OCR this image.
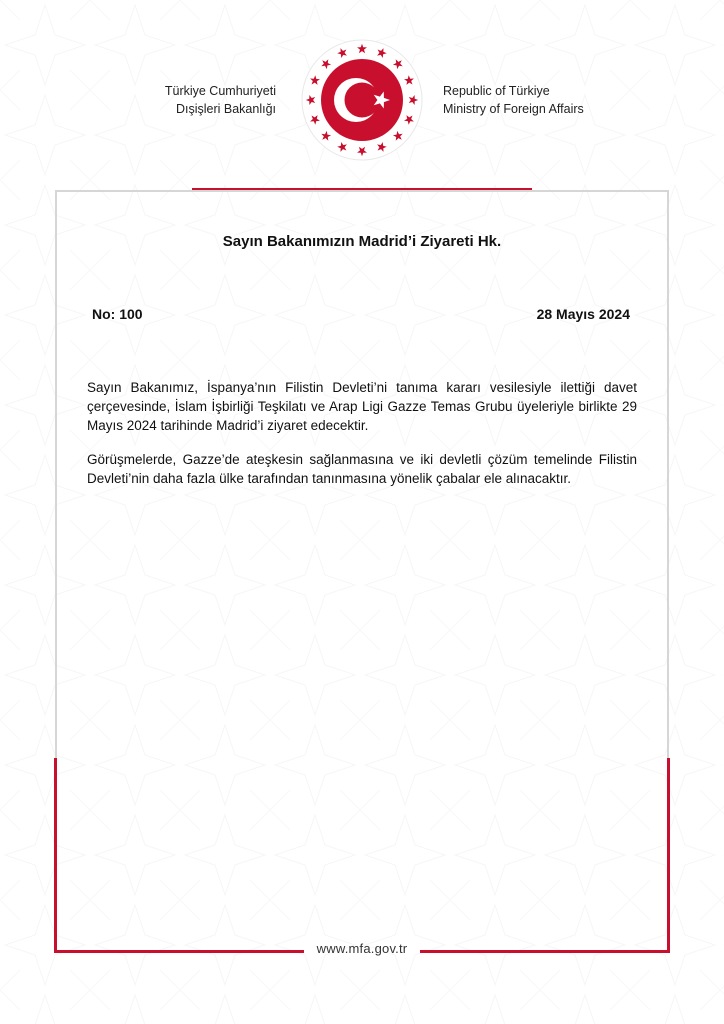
Türkiye Cumhuriyeti
Dışişleri Bakanlığı
Republic of Türkiye
Ministry of Foreign Affairs
Sayın Bakanımızın Madrid’i Ziyareti Hk.
No: 100	28 Mayıs 2024

Sayın Bakanımız, İspanya’nın Filistin Devleti’ni tanıma kararı vesilesiyle ilettiği davet çerçevesinde, İslam İşbirliği Teşkilatı ve Arap Ligi Gazze Temas Grubu üyeleriyle birlikte 29 Mayıs 2024 tarihinde Madrid’i ziyaret edecektir.

Görüşmelerde, Gazze’de ateşkesin sağlanmasına ve iki devletli çözüm temelinde Filistin Devleti’nin daha fazla ülke tarafından tanınmasına yönelik çabalar ele alınacaktır.

www.mfa.gov.tr
